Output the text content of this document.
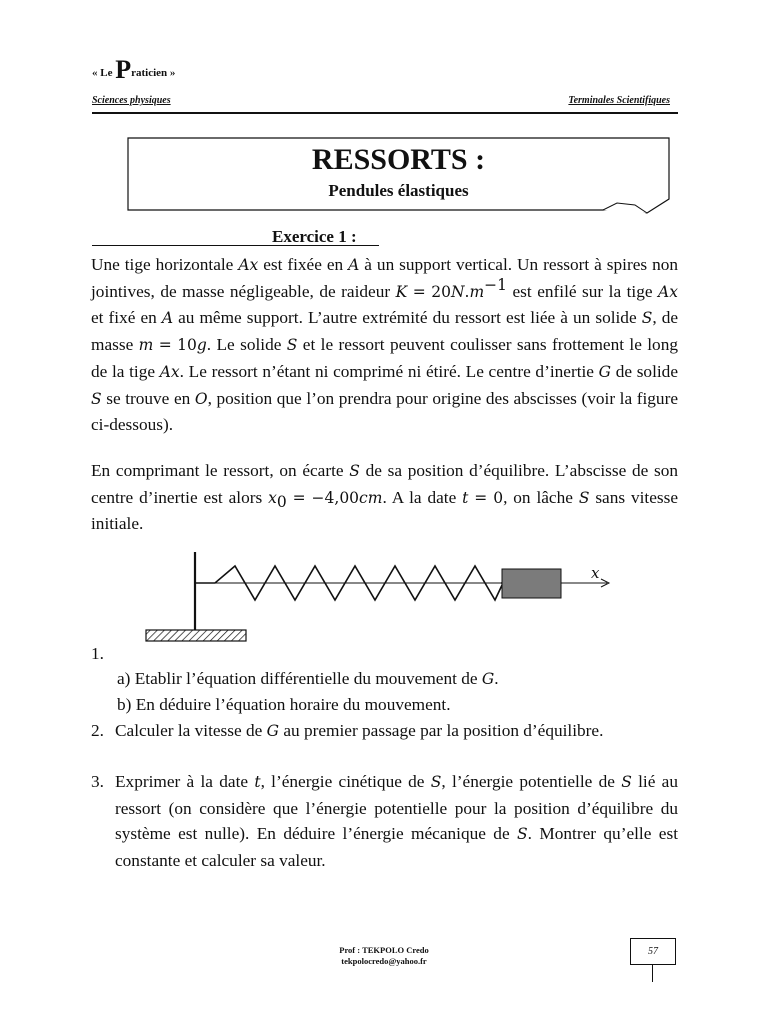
« Le Praticien »
Sciences physiques	Terminales Scientifiques
RESSORTS :
Pendules élastiques
Exercice 1 :

Une tige horizontale Ax est fixée en A à un support vertical. Un ressort à spires non jointives, de masse négligeable, de raideur $K = 20N.m^{-1}$ est enfilé sur la tige Ax et fixé en A au même support. L’autre extrémité du ressort est liée à un solide S, de masse m = 10g. Le solide S et le ressort peuvent coulisser sans frottement le long de la tige Ax. Le ressort n’étant ni comprimé ni étiré. Le centre d’inertie G de solide S se trouve en O, position que l’on prendra pour origine des abscisses (voir la figure ci-dessous).

En comprimant le ressort, on écarte S de sa position d’équilibre. L’abscisse de son centre d’inertie est alors $x_0 = -4,00cm$. A la date t = 0, on lâche S sans vitesse initiale.

x
1.
a) Etablir l’équation différentielle du mouvement de G.
b) En déduire l’équation horaire du mouvement.
2. Calculer la vitesse de G au premier passage par la position d’équilibre.
3. Exprimer à la date t, l’énergie cinétique de S, l’énergie potentielle de S lié au ressort (on considère que l’énergie potentielle pour la position d’équilibre du système est nulle). En déduire l’énergie mécanique de S. Montrer qu’elle est constante et calculer sa valeur.
Prof : TEKPOLO Credo
tekpolocredo@yahoo.fr
57
